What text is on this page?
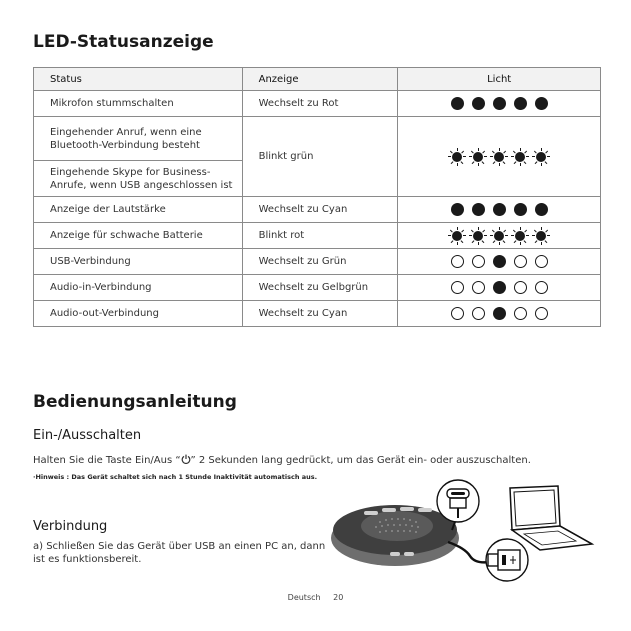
LED-Statusanzeige
Status	Anzeige	Licht
Mikrofon stummschalten	Wechselt zu Rot	

Eingehender Anruf, wenn eine Bluetooth-Verbindung besteht	Blinkt grün	

Eingehende Skype for Business-Anrufe, wenn USB angeschlossen ist		
Anzeige der Lautstärke	Wechselt zu Cyan	

Anzeige für schwache Batterie	Blinkt rot	

USB-Verbindung	Wechselt zu Grün	

Audio-in-Verbindung	Wechselt zu Gelbgrün	

Audio-out-Verbindung	Wechselt zu Cyan	
Bedienungsanleitung
Ein-/Ausschalten

Halten Sie die Taste Ein/Aus “ ” 2 Sekunden lang gedrückt, um das Gerät ein- oder auszuschalten.

·Hinweis : Das Gerät schaltet sich nach 1 Stunde Inaktivität automatisch aus.

Verbindung

a) Schließen Sie das Gerät über USB an einen PC an, dann ist es funktionsbereit.

Deutsch 20
